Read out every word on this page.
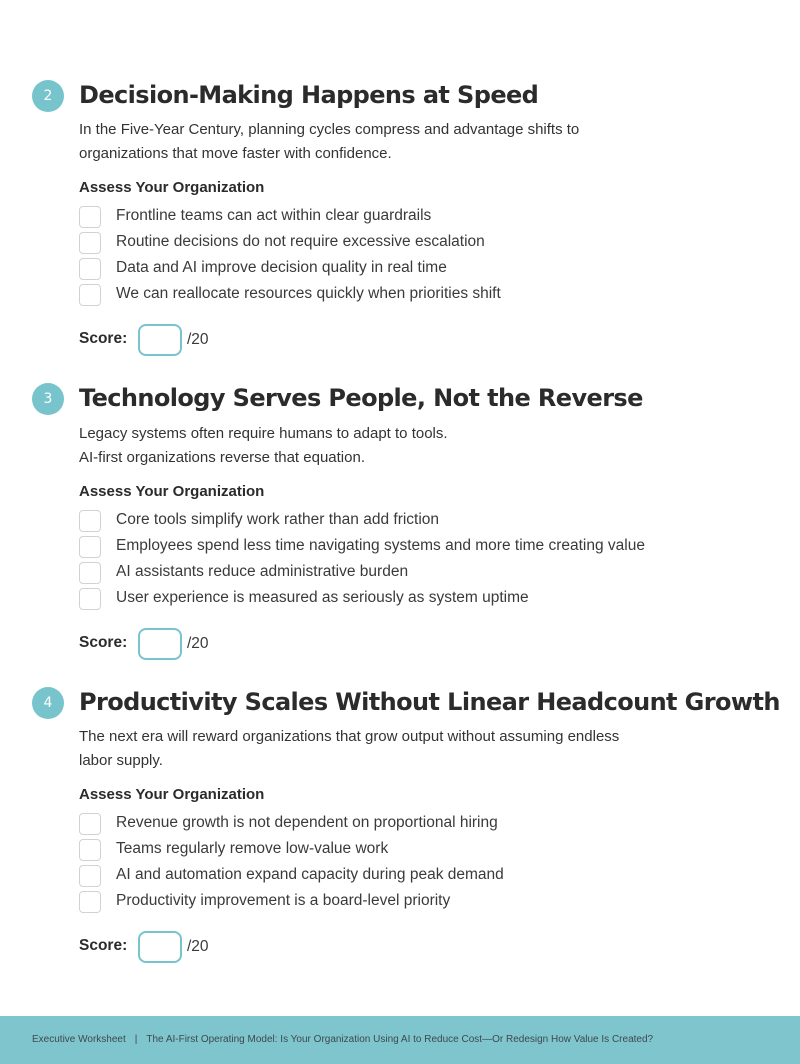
2	Decision-Making Happens at Speed
In the Five-Year Century, planning cycles compress and advantage shifts to
organizations that move faster with confidence.
Assess Your Organization
Frontline teams can act within clear guardrails
Routine decisions do not require excessive escalation
Data and AI improve decision quality in real time
We can reallocate resources quickly when priorities shift
Score:	/20
3	Technology Serves People, Not the Reverse
Legacy systems often require humans to adapt to tools.
AI-first organizations reverse that equation.
Assess Your Organization
Core tools simplify work rather than add friction
Employees spend less time navigating systems and more time creating value
AI assistants reduce administrative burden
User experience is measured as seriously as system uptime
Score:	/20
4	Productivity Scales Without Linear Headcount Growth
The next era will reward organizations that grow output without assuming endless
labor supply.
Assess Your Organization
Revenue growth is not dependent on proportional hiring
Teams regularly remove low-value work
AI and automation expand capacity during peak demand
Productivity improvement is a board-level priority
Score:	/20
Executive Worksheet | The AI-First Operating Model: Is Your Organization Using AI to Reduce Cost—Or Redesign How Value Is Created?
